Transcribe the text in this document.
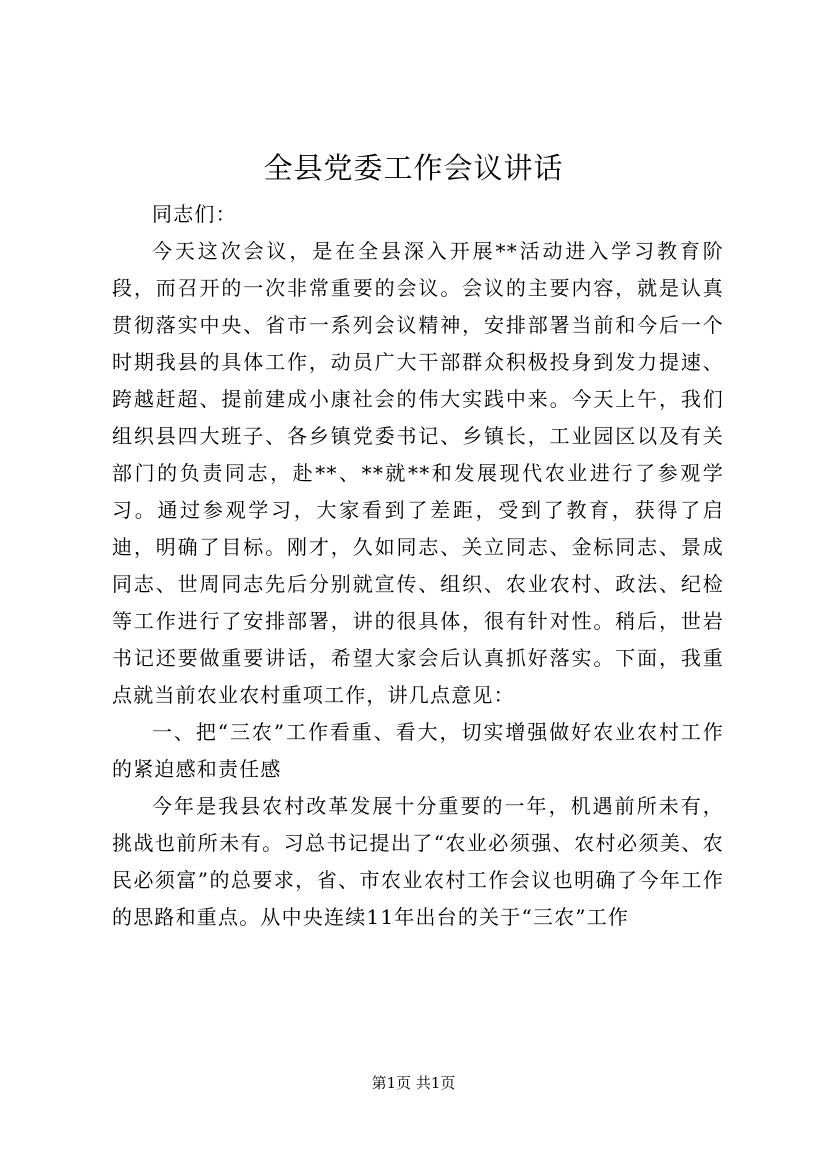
全县党委工作会议讲话

同志们：

今天这次会议，是在全县深入开展**活动进入学习教育阶段，而召开的一次非常重要的会议。会议的主要内容，就是认真贯彻落实中央、省市一系列会议精神，安排部署当前和今后一个时期我县的具体工作，动员广大干部群众积极投身到发力提速、跨越赶超、提前建成小康社会的伟大实践中来。今天上午，我们组织县四大班子、各乡镇党委书记、乡镇长，工业园区以及有关部门的负责同志，赴**、**就**和发展现代农业进行了参观学习。通过参观学习，大家看到了差距，受到了教育，获得了启迪，明确了目标。刚才，久如同志、关立同志、金标同志、景成同志、世周同志先后分别就宣传、组织、农业农村、政法、纪检等工作进行了安排部署，讲的很具体，很有针对性。稍后，世岩书记还要做重要讲话，希望大家会后认真抓好落实。下面，我重点就当前农业农村重项工作，讲几点意见：

一、把“三农”工作看重、看大，切实增强做好农业农村工作的紧迫感和责任感

今年是我县农村改革发展十分重要的一年，机遇前所未有，挑战也前所未有。习总书记提出了“农业必须强、农村必须美、农民必须富”的总要求，省、市农业农村工作会议也明确了今年工作的思路和重点。从中央连续11年出台的关于“三农”工作

第1页 共1页
